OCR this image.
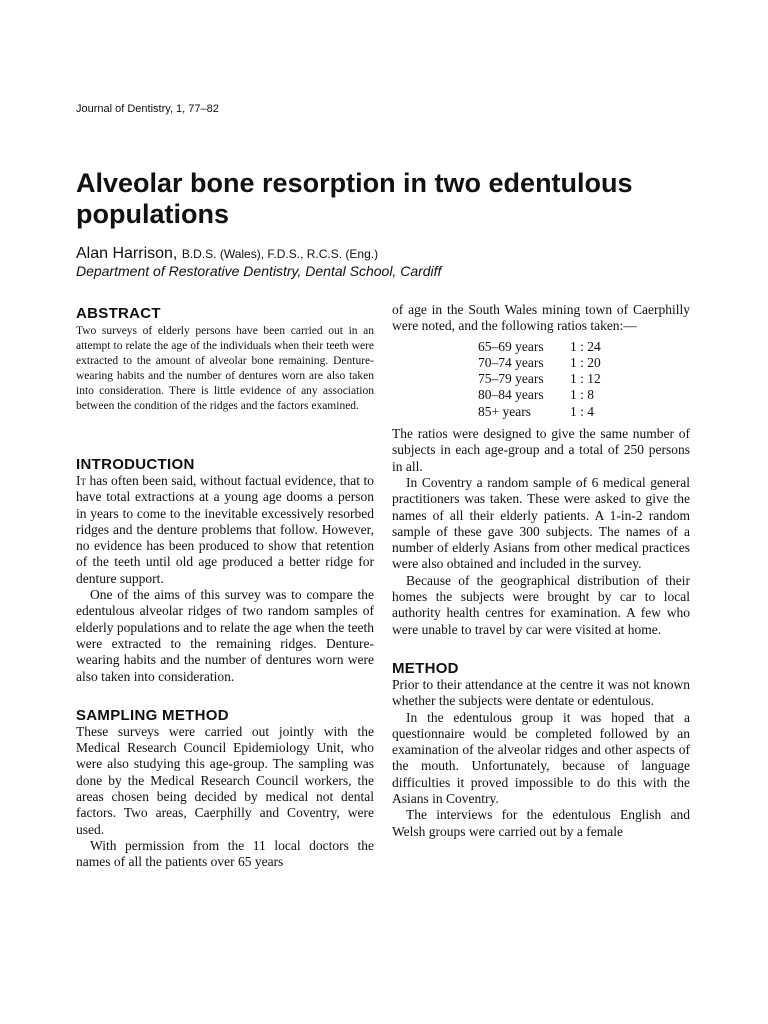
Journal of Dentistry, 1, 77–82
Alveolar bone resorption in two edentulous populations
Alan Harrison, B.D.S. (Wales), F.D.S., R.C.S. (Eng.)
Department of Restorative Dentistry, Dental School, Cardiff
ABSTRACT

Two surveys of elderly persons have been carried out in an attempt to relate the age of the individuals when their teeth were extracted to the amount of alveolar bone remaining. Denture-wearing habits and the number of dentures worn are also taken into consideration. There is little evidence of any association between the condition of the ridges and the factors examined.

INTRODUCTION

It has often been said, without factual evidence, that to have total extractions at a young age dooms a person in years to come to the inevitable excessively resorbed ridges and the denture problems that follow. However, no evidence has been produced to show that retention of the teeth until old age produced a better ridge for denture support.

One of the aims of this survey was to compare the edentulous alveolar ridges of two random samples of elderly populations and to relate the age when the teeth were extracted to the remaining ridges. Denture-wearing habits and the number of dentures worn were also taken into consideration.

SAMPLING METHOD

These surveys were carried out jointly with the Medical Research Council Epidemiology Unit, who were also studying this age-group. The sampling was done by the Medical Research Council workers, the areas chosen being decided by medical not dental factors. Two areas, Caerphilly and Coventry, were used.

With permission from the 11 local doctors the names of all the patients over 65 years

of age in the South Wales mining town of Caerphilly were noted, and the following ratios taken:—

65–69 years	1 : 24
70–74 years	1 : 20
75–79 years	1 : 12
80–84 years	1 : 8
85+ years	1 : 4

The ratios were designed to give the same number of subjects in each age-group and a total of 250 persons in all.

In Coventry a random sample of 6 medical general practitioners was taken. These were asked to give the names of all their elderly patients. A 1-in-2 random sample of these gave 300 subjects. The names of a number of elderly Asians from other medical practices were also obtained and included in the survey.

Because of the geographical distribution of their homes the subjects were brought by car to local authority health centres for examination. A few who were unable to travel by car were visited at home.

METHOD

Prior to their attendance at the centre it was not known whether the subjects were dentate or edentulous.

In the edentulous group it was hoped that a questionnaire would be completed followed by an examination of the alveolar ridges and other aspects of the mouth. Unfortunately, because of language difficulties it proved impossible to do this with the Asians in Coventry.

The interviews for the edentulous English and Welsh groups were carried out by a female
